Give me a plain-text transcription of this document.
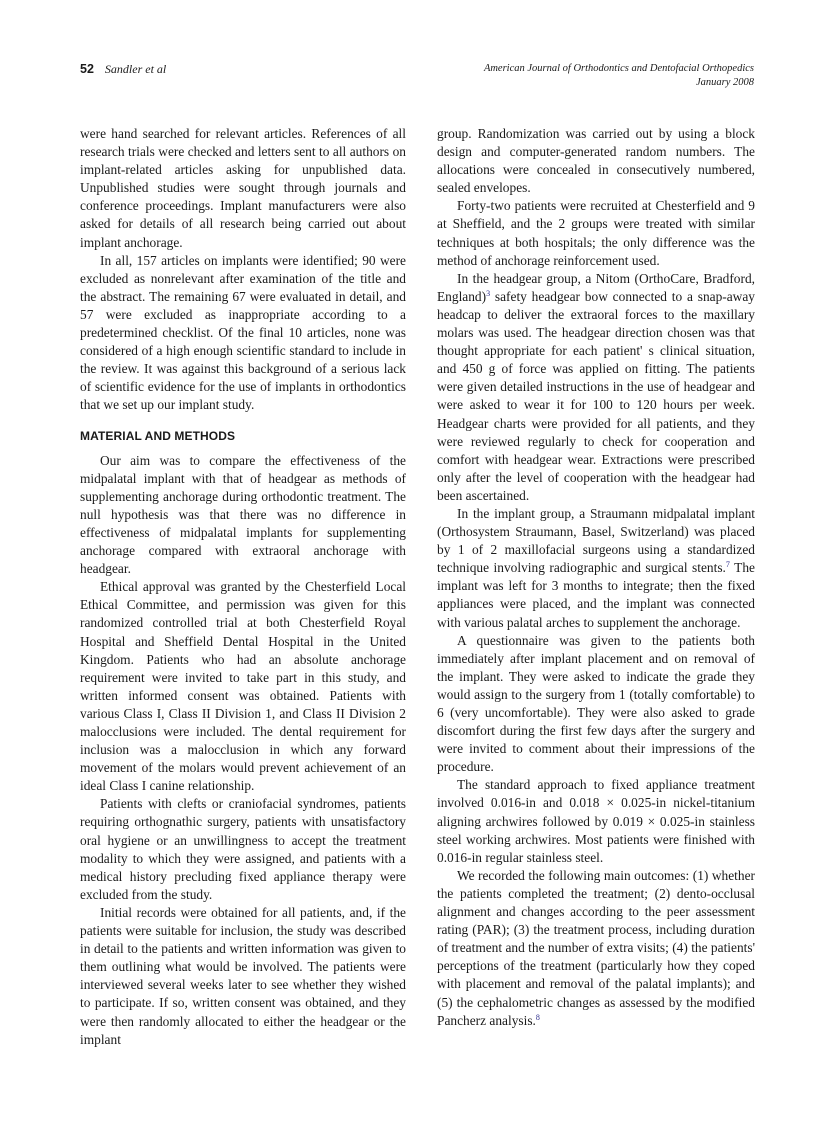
52 Sandler et al	American Journal of Orthodontics and Dentofacial Orthopedics
January 2008

were hand searched for relevant articles. References of all research trials were checked and letters sent to all authors on implant-related articles asking for unpublished data. Unpublished studies were sought through journals and conference proceedings. Implant manufacturers were also asked for details of all research being carried out about implant anchorage.

In all, 157 articles on implants were identified; 90 were excluded as nonrelevant after examination of the title and the abstract. The remaining 67 were evaluated in detail, and 57 were excluded as inappropriate according to a predetermined checklist. Of the final 10 articles, none was considered of a high enough scientific standard to include in the review. It was against this background of a serious lack of scientific evidence for the use of implants in orthodontics that we set up our implant study.

MATERIAL AND METHODS

Our aim was to compare the effectiveness of the midpalatal implant with that of headgear as methods of supplementing anchorage during orthodontic treatment. The null hypothesis was that there was no difference in effectiveness of midpalatal implants for supplementing anchorage compared with extraoral anchorage with headgear.

Ethical approval was granted by the Chesterfield Local Ethical Committee, and permission was given for this randomized controlled trial at both Chesterfield Royal Hospital and Sheffield Dental Hospital in the United Kingdom. Patients who had an absolute anchorage requirement were invited to take part in this study, and written informed consent was obtained. Patients with various Class I, Class II Division 1, and Class II Division 2 malocclusions were included. The dental requirement for inclusion was a malocclusion in which any forward movement of the molars would prevent achievement of an ideal Class I canine relationship.

Patients with clefts or craniofacial syndromes, patients requiring orthognathic surgery, patients with unsatisfactory oral hygiene or an unwillingness to accept the treatment modality to which they were assigned, and patients with a medical history precluding fixed appliance therapy were excluded from the study.

Initial records were obtained for all patients, and, if the patients were suitable for inclusion, the study was described in detail to the patients and written information was given to them outlining what would be involved. The patients were interviewed several weeks later to see whether they wished to participate. If so, written consent was obtained, and they were then randomly allocated to either the headgear or the implant

group. Randomization was carried out by using a block design and computer-generated random numbers. The allocations were concealed in consecutively numbered, sealed envelopes.

Forty-two patients were recruited at Chesterfield and 9 at Sheffield, and the 2 groups were treated with similar techniques at both hospitals; the only difference was the method of anchorage reinforcement used.

In the headgear group, a Nitom (OrthoCare, Bradford, England)$^3$ safety headgear bow connected to a snap-away headcap to deliver the extraoral forces to the maxillary molars was used. The headgear direction chosen was that thought appropriate for each patient' s clinical situation, and 450 g of force was applied on fitting. The patients were given detailed instructions in the use of headgear and were asked to wear it for 100 to 120 hours per week. Headgear charts were provided for all patients, and they were reviewed regularly to check for cooperation and comfort with headgear wear. Extractions were prescribed only after the level of cooperation with the headgear had been ascertained.

In the implant group, a Straumann midpalatal implant (Orthosystem Straumann, Basel, Switzerland) was placed by 1 of 2 maxillofacial surgeons using a standardized technique involving radiographic and surgical stents.$^7$ The implant was left for 3 months to integrate; then the fixed appliances were placed, and the implant was connected with various palatal arches to supplement the anchorage.

A questionnaire was given to the patients both immediately after implant placement and on removal of the implant. They were asked to indicate the grade they would assign to the surgery from 1 (totally comfortable) to 6 (very uncomfortable). They were also asked to grade discomfort during the first few days after the surgery and were invited to comment about their impressions of the procedure.

The standard approach to fixed appliance treatment involved 0.016-in and 0.018 × 0.025-in nickel-titanium aligning archwires followed by 0.019 × 0.025-in stainless steel working archwires. Most patients were finished with 0.016-in regular stainless steel.

We recorded the following main outcomes: (1) whether the patients completed the treatment; (2) dento-occlusal alignment and changes according to the peer assessment rating (PAR); (3) the treatment process, including duration of treatment and the number of extra visits; (4) the patients' perceptions of the treatment (particularly how they coped with placement and removal of the palatal implants); and (5) the cephalometric changes as assessed by the modified Pancherz analysis.$^8$
